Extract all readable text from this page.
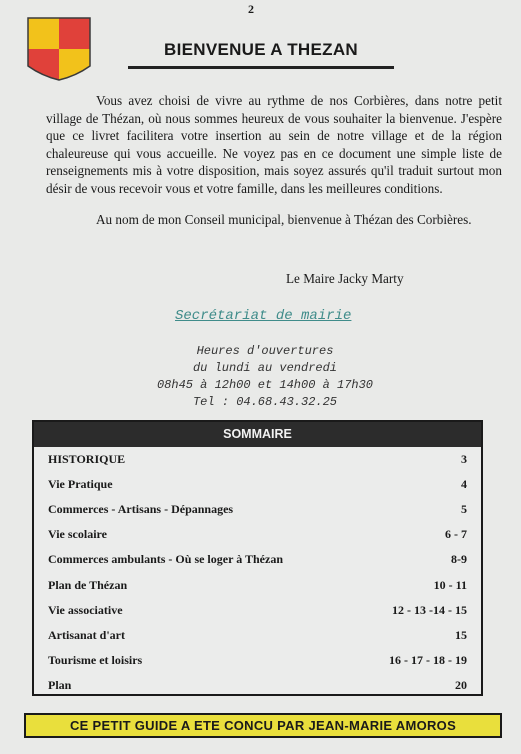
2
BIENVENUE A THEZAN

Vous avez choisi de vivre au rythme de nos Corbières, dans notre petit village de Thézan, où nous sommes heureux de vous souhaiter la bienvenue. J'espère que ce livret facilitera votre insertion au sein de notre village et de la région chaleureuse qui vous accueille. Ne voyez pas en ce document une simple liste de renseignements mis à votre disposition, mais soyez assurés qu'il traduit surtout mon désir de vous recevoir vous et votre famille, dans les meilleures conditions.

Au nom de mon Conseil municipal, bienvenue à Thézan des Corbières.

Le Maire Jacky Marty
Secrétariat de mairie
Heures d'ouvertures
du lundi au vendredi
08h45 à 12h00 et 14h00 à 17h30
Tel : 04.68.43.32.25
SOMMAIRE
HISTORIQUE	3
Vie Pratique	4
Commerces - Artisans - Dépannages	5
Vie scolaire	6 - 7
Commerces ambulants - Où se loger à Thézan	8-9
Plan de Thézan	10 - 11
Vie associative	12 - 13 -14 - 15
Artisanat d'art	15
Tourisme et loisirs	16 - 17 - 18 - 19
Plan	20
CE PETIT GUIDE A ETE CONCU PAR JEAN-MARIE AMOROS
